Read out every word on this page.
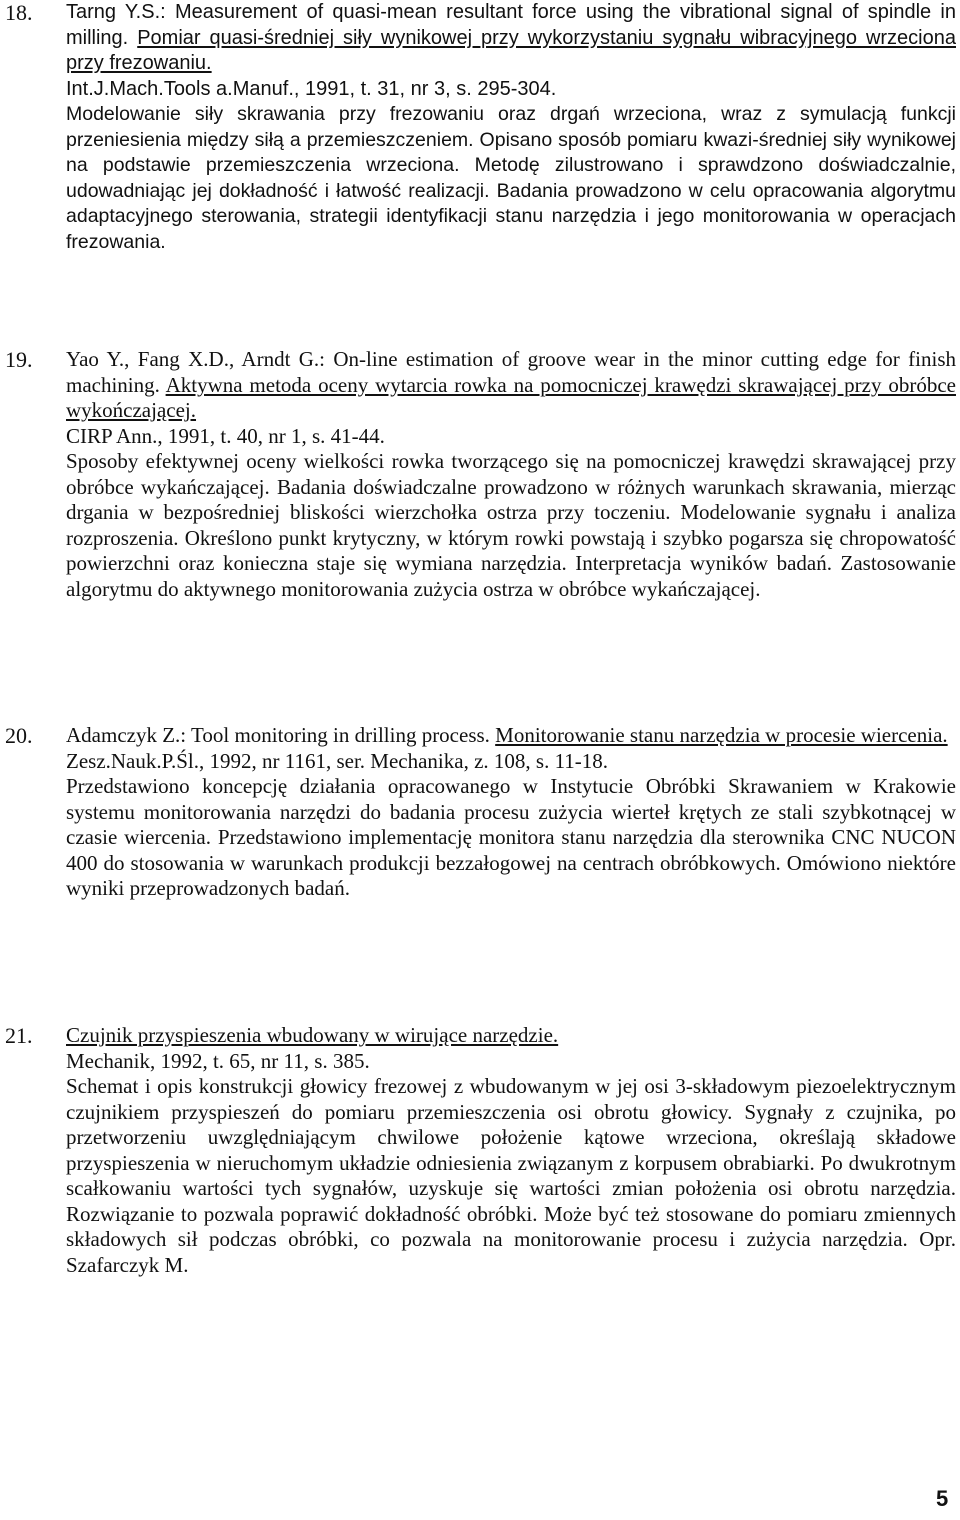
18. Tarng Y.S.: Measurement of quasi-mean resultant force using the vibrational signal of spindle in milling. Pomiar quasi-średniej siły wynikowej przy wykorzystaniu sygnału wibracyjnego wrzeciona przy frezowaniu.

Int.J.Mach.Tools a.Manuf., 1991, t. 31, nr 3, s. 295-304.

Modelowanie siły skrawania przy frezowaniu oraz drgań wrzeciona, wraz z symulacją funkcji przeniesienia między siłą a przemieszczeniem. Opisano sposób pomiaru kwazi-średniej siły wynikowej na podstawie przemieszczenia wrzeciona. Metodę zilustrowano i sprawdzono doświadczalnie, udowadniając jej dokładność i łatwość realizacji. Badania prowadzono w celu opracowania algorytmu adaptacyjnego sterowania, strategii identyfikacji stanu narzędzia i jego monitorowania w operacjach frezowania.

19. Yao Y., Fang X.D., Arndt G.: On-line estimation of groove wear in the minor cutting edge for finish machining. Aktywna metoda oceny wytarcia rowka na pomocniczej krawędzi skrawającej przy obróbce wykończającej.

CIRP Ann., 1991, t. 40, nr 1, s. 41-44.

Sposoby efektywnej oceny wielkości rowka tworzącego się na pomocniczej krawędzi skrawającej przy obróbce wykańczającej. Badania doświadczalne prowadzono w różnych warunkach skrawania, mierząc drgania w bezpośredniej bliskości wierzchołka ostrza przy toczeniu. Modelowanie sygnału i analiza rozproszenia. Określono punkt krytyczny, w którym rowki powstają i szybko pogarsza się chropowatość powierzchni oraz konieczna staje się wymiana narzędzia. Interpretacja wyników badań. Zastosowanie algorytmu do aktywnego monitorowania zużycia ostrza w obróbce wykańczającej.

20. Adamczyk Z.: Tool monitoring in drilling process. Monitorowanie stanu narzędzia w procesie wiercenia.

Zesz.Nauk.P.Śl., 1992, nr 1161, ser. Mechanika, z. 108, s. 11-18.

Przedstawiono koncepcję działania opracowanego w Instytucie Obróbki Skrawaniem w Krakowie systemu monitorowania narzędzi do badania procesu zużycia wierteł krętych ze stali szybkotnącej w czasie wiercenia. Przedstawiono implementację monitora stanu narzędzia dla sterownika CNC NUCON 400 do stosowania w warunkach produkcji bezzałogowej na centrach obróbkowych. Omówiono niektóre wyniki przeprowadzonych badań.

21. Czujnik przyspieszenia wbudowany w wirujące narzędzie.

Mechanik, 1992, t. 65, nr 11, s. 385.

Schemat i opis konstrukcji głowicy frezowej z wbudowanym w jej osi 3-składowym piezoelektrycznym czujnikiem przyspieszeń do pomiaru przemieszczenia osi obrotu głowicy. Sygnały z czujnika, po przetworzeniu uwzględniającym chwilowe położenie kątowe wrzeciona, określają składowe przyspieszenia w nieruchomym układzie odniesienia związanym z korpusem obrabiarki. Po dwukrotnym scałkowaniu wartości tych sygnałów, uzyskuje się wartości zmian położenia osi obrotu narzędzia. Rozwiązanie to pozwala poprawić dokładność obróbki. Może być też stosowane do pomiaru zmiennych składowych sił podczas obróbki, co pozwala na monitorowanie procesu i zużycia narzędzia. Opr. Szafarczyk M.

5
